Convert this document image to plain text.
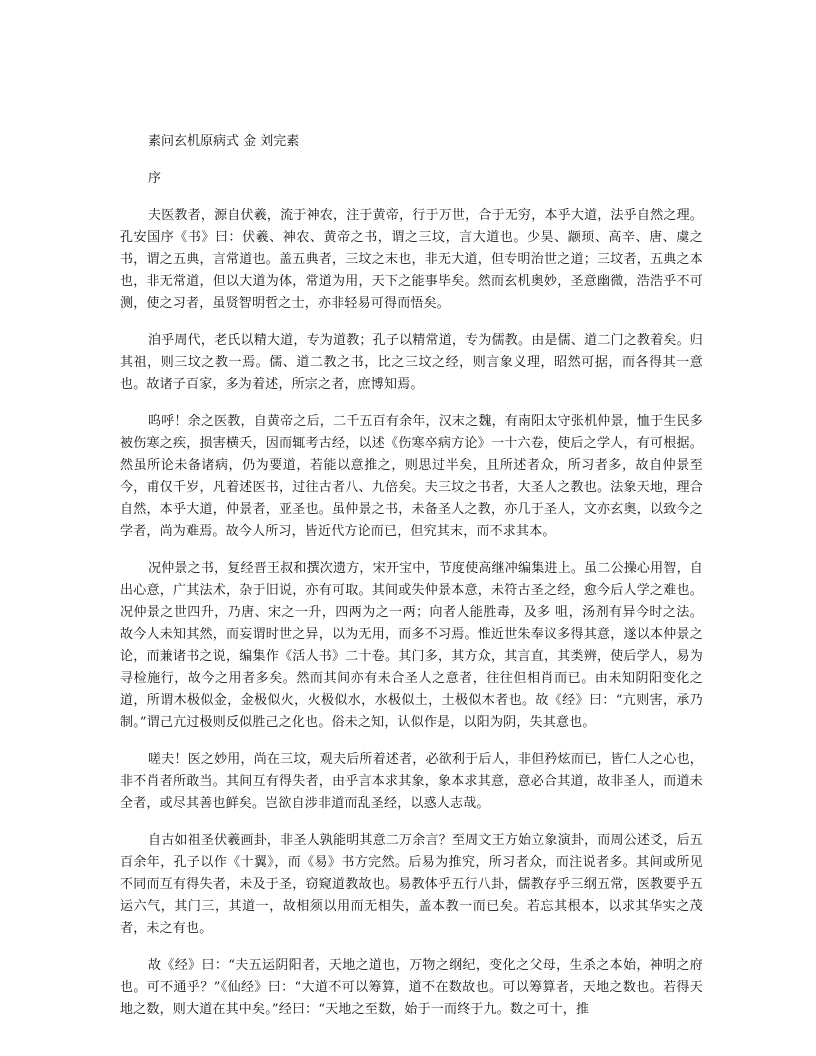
素问玄机原病式 金 刘完素
序

夫医教者，源自伏羲，流于神农，注于黄帝，行于万世，合于无穷，本乎大道，法乎自然之理。孔安国序《书》曰：伏羲、神农、黄帝之书，谓之三坟，言大道也。少昊、颛顼、高辛、唐、虞之书，谓之五典，言常道也。盖五典者，三坟之末也，非无大道，但专明治世之道；三坟者，五典之本也，非无常道，但以大道为体，常道为用，天下之能事毕矣。然而玄机奥妙，圣意幽微，浩浩乎不可测，使之习者，虽贤智明哲之士，亦非轻易可得而悟矣。

洎乎周代，老氏以精大道，专为道教；孔子以精常道，专为儒教。由是儒、道二门之教着矣。归其祖，则三坟之教一焉。儒、道二教之书，比之三坟之经，则言象义理，昭然可据，而各得其一意也。故诸子百家，多为着述，所宗之者，庶博知焉。

呜呼！余之医教，自黄帝之后，二千五百有余年，汉末之魏，有南阳太守张机仲景，恤于生民多被伤寒之疾，损害横夭，因而辄考古经，以述《伤寒卒病方论》一十六卷，使后之学人，有可根据。然虽所论未备诸病，仍为要道，若能以意推之，则思过半矣，且所述者众，所习者多，故自仲景至今，甫仅千岁，凡着述医书，过往古者八、九倍矣。夫三坟之书者，大圣人之教也。法象天地，理合自然，本乎大道，仲景者，亚圣也。虽仲景之书，未备圣人之教，亦几于圣人，文亦玄奥，以致今之学者，尚为难焉。故今人所习，皆近代方论而已，但究其末，而不求其本。

况仲景之书，复经晋王叔和撰次遗方，宋开宝中，节度使高继冲编集进上。虽二公操心用智，自出心意，广其法术，杂于旧说，亦有可取。其间或失仲景本意，未符古圣之经，愈今后人学之难也。况仲景之世四升，乃唐、宋之一升，四两为之一两；向者人能胜毒，及多 咀，汤剂有异今时之法。故今人未知其然，而妄谓时世之异，以为无用，而多不习焉。惟近世朱奉议多得其意，遂以本仲景之论，而兼诸书之说，编集作《活人书》二十卷。其门多，其方众，其言直，其类辨，使后学人，易为寻检施行，故今之用者多矣。然而其间亦有未合圣人之意者，往往但相肖而已。由未知阴阳变化之道，所谓木极似金，金极似火，火极似水，水极似土，土极似木者也。故《经》曰：“亢则害，承乃制。”谓己亢过极则反似胜己之化也。俗未之知，认似作是，以阳为阴，失其意也。

嗟夫！医之妙用，尚在三坟，观夫后所着述者，必欲利于后人，非但矜炫而已，皆仁人之心也，非不肖者所敢当。其间互有得失者，由乎言本求其象，象本求其意，意必合其道，故非圣人，而道未全者，或尽其善也鲜矣。岂欲自涉非道而乱圣经，以惑人志哉。

自古如祖圣伏羲画卦，非圣人孰能明其意二万余言？至周文王方始立象演卦，而周公述爻，后五百余年，孔子以作《十翼》，而《易》书方完然。后易为推究，所习者众，而注说者多。其间或所见不同而互有得失者，未及于圣，窃窥道教故也。易教体乎五行八卦，儒教存乎三纲五常，医教要乎五运六气，其门三，其道一，故相须以用而无相失，盖本教一而已矣。若忘其根本，以求其华实之茂者，未之有也。

故《经》曰：“夫五运阴阳者，天地之道也，万物之纲纪，变化之父母，生杀之本始，神明之府也。可不通乎？”《仙经》曰：“大道不可以筹算，道不在数故也。可以筹算者，天地之数也。若得天地之数，则大道在其中矣。”经曰：“天地之至数，始于一而终于九。数之可十，推
